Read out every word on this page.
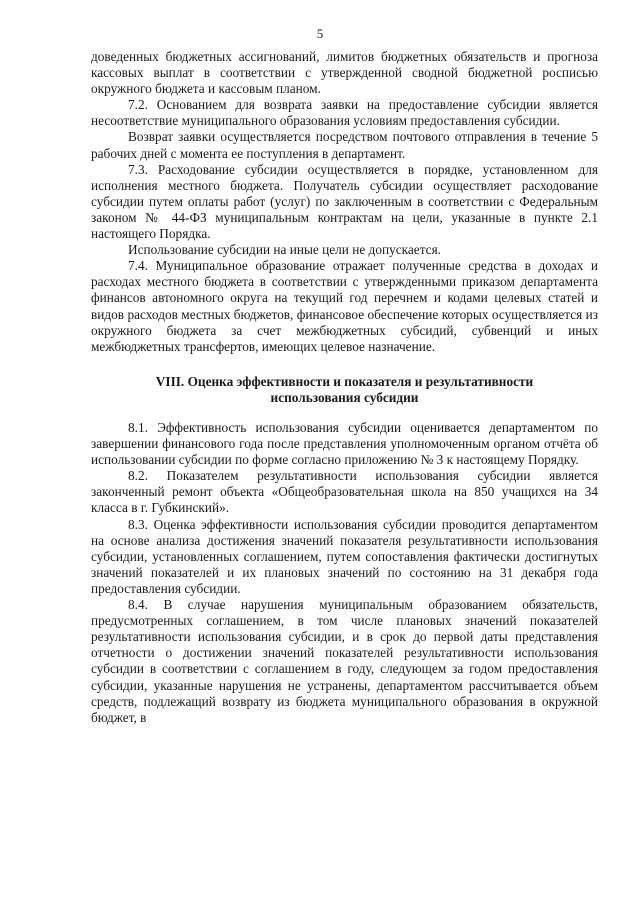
5

доведенных бюджетных ассигнований, лимитов бюджетных обязательств и прогноза кассовых выплат в соответствии с утвержденной сводной бюджетной росписью окружного бюджета и кассовым планом.

7.2. Основанием для возврата заявки на предоставление субсидии является несоответствие муниципального образования условиям предоставления субсидии.

Возврат заявки осуществляется посредством почтового отправления в течение 5 рабочих дней с момента ее поступления в департамент.

7.3. Расходование субсидии осуществляется в порядке, установленном для исполнения местного бюджета. Получатель субсидии осуществляет расходование субсидии путем оплаты работ (услуг) по заключенным в соответствии с Федеральным законом № 44-ФЗ муниципальным контрактам на цели, указанные в пункте 2.1 настоящего Порядка.

Использование субсидии на иные цели не допускается.

7.4. Муниципальное образование отражает полученные средства в доходах и расходах местного бюджета в соответствии с утвержденными приказом департамента финансов автономного округа на текущий год перечнем и кодами целевых статей и видов расходов местных бюджетов, финансовое обеспечение которых осуществляется из окружного бюджета за счет межбюджетных субсидий, субвенций и иных межбюджетных трансфертов, имеющих целевое назначение.

VIII. Оценка эффективности и показателя и результативности
использования субсидии

8.1. Эффективность использования субсидии оценивается департаментом по завершении финансового года после представления уполномоченным органом отчёта об использовании субсидии по форме согласно приложению № 3 к настоящему Порядку.

8.2. Показателем результативности использования субсидии является законченный ремонт объекта «Общеобразовательная школа на 850 учащихся на 34 класса в г. Губкинский».

8.3. Оценка эффективности использования субсидии проводится департаментом на основе анализа достижения значений показателя результативности использования субсидии, установленных соглашением, путем сопоставления фактически достигнутых значений показателей и их плановых значений по состоянию на 31 декабря года предоставления субсидии.

8.4. В случае нарушения муниципальным образованием обязательств, предусмотренных соглашением, в том числе плановых значений показателей результативности использования субсидии, и в срок до первой даты представления отчетности о достижении значений показателей результативности использования субсидии в соответствии с соглашением в году, следующем за годом предоставления субсидии, указанные нарушения не устранены, департаментом рассчитывается объем средств, подлежащий возврату из бюджета муниципального образования в окружной бюджет, в
